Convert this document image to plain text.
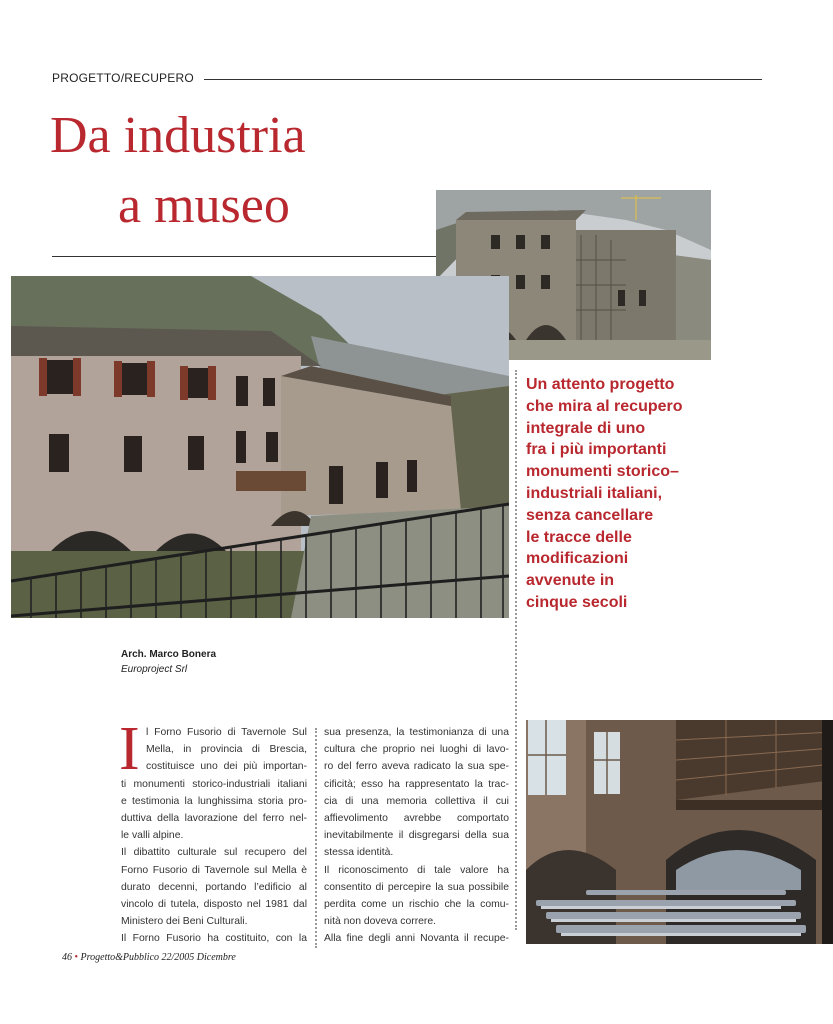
PROGETTO/RECUPERO
Da industria
a museo
Un attento progetto
che mira al recupero
integrale di uno
fra i più importanti
monumenti storico–
industriali italiani,
senza cancellare
le tracce delle
modificazioni
avvenute in
cinque secoli
Arch. Marco Bonera
Europroject Srl
I l Forno Fusorio di Tavernole Sul
Mella, in provincia di Brescia,
costituisce uno dei più importan-
ti monumenti storico-industriali italiani
e testimonia la lunghissima storia pro-
duttiva della lavorazione del ferro nel-
le valli alpine.
Il dibattito culturale sul recupero del
Forno Fusorio di Tavernole sul Mella è
durato decenni, portando l’edificio al
vincolo di tutela, disposto nel 1981 dal
Ministero dei Beni Culturali.
Il Forno Fusorio ha costituito, con la
sua presenza, la testimonianza di una
cultura che proprio nei luoghi di lavo-
ro del ferro aveva radicato la sua spe-
cificità; esso ha rappresentato la trac-
cia di una memoria collettiva il cui
affievolimento avrebbe comportato
inevitabilmente il disgregarsi della sua
stessa identità.
Il riconoscimento di tale valore ha
consentito di percepire la sua possibile
perdita come un rischio che la comu-
nità non doveva correre.
Alla fine degli anni Novanta il recupe-
46 • Progetto&Pubblico 22/2005 Dicembre
